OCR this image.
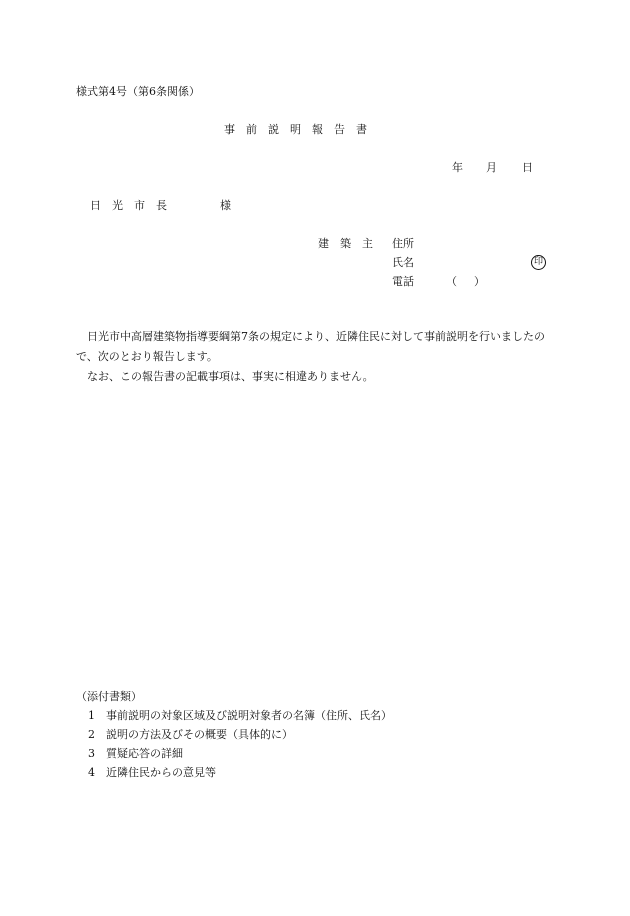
様式第4号（第6条関係）
事　前　説　明　報　告　書
年 月 日
日　光　市　長	様
建　築　主 住所
氏名	印
電話	（ ）

日光市中高層建築物指導要綱第7条の規定により、近隣住民に対して事前説明を行いましたので、次のとおり報告します。

なお、この報告書の記載事項は、事実に相違ありません。

（添付書類）
1 事前説明の対象区域及び説明対象者の名簿（住所、氏名）
2 説明の方法及びその概要（具体的に）
3 質疑応答の詳細
4 近隣住民からの意見等
